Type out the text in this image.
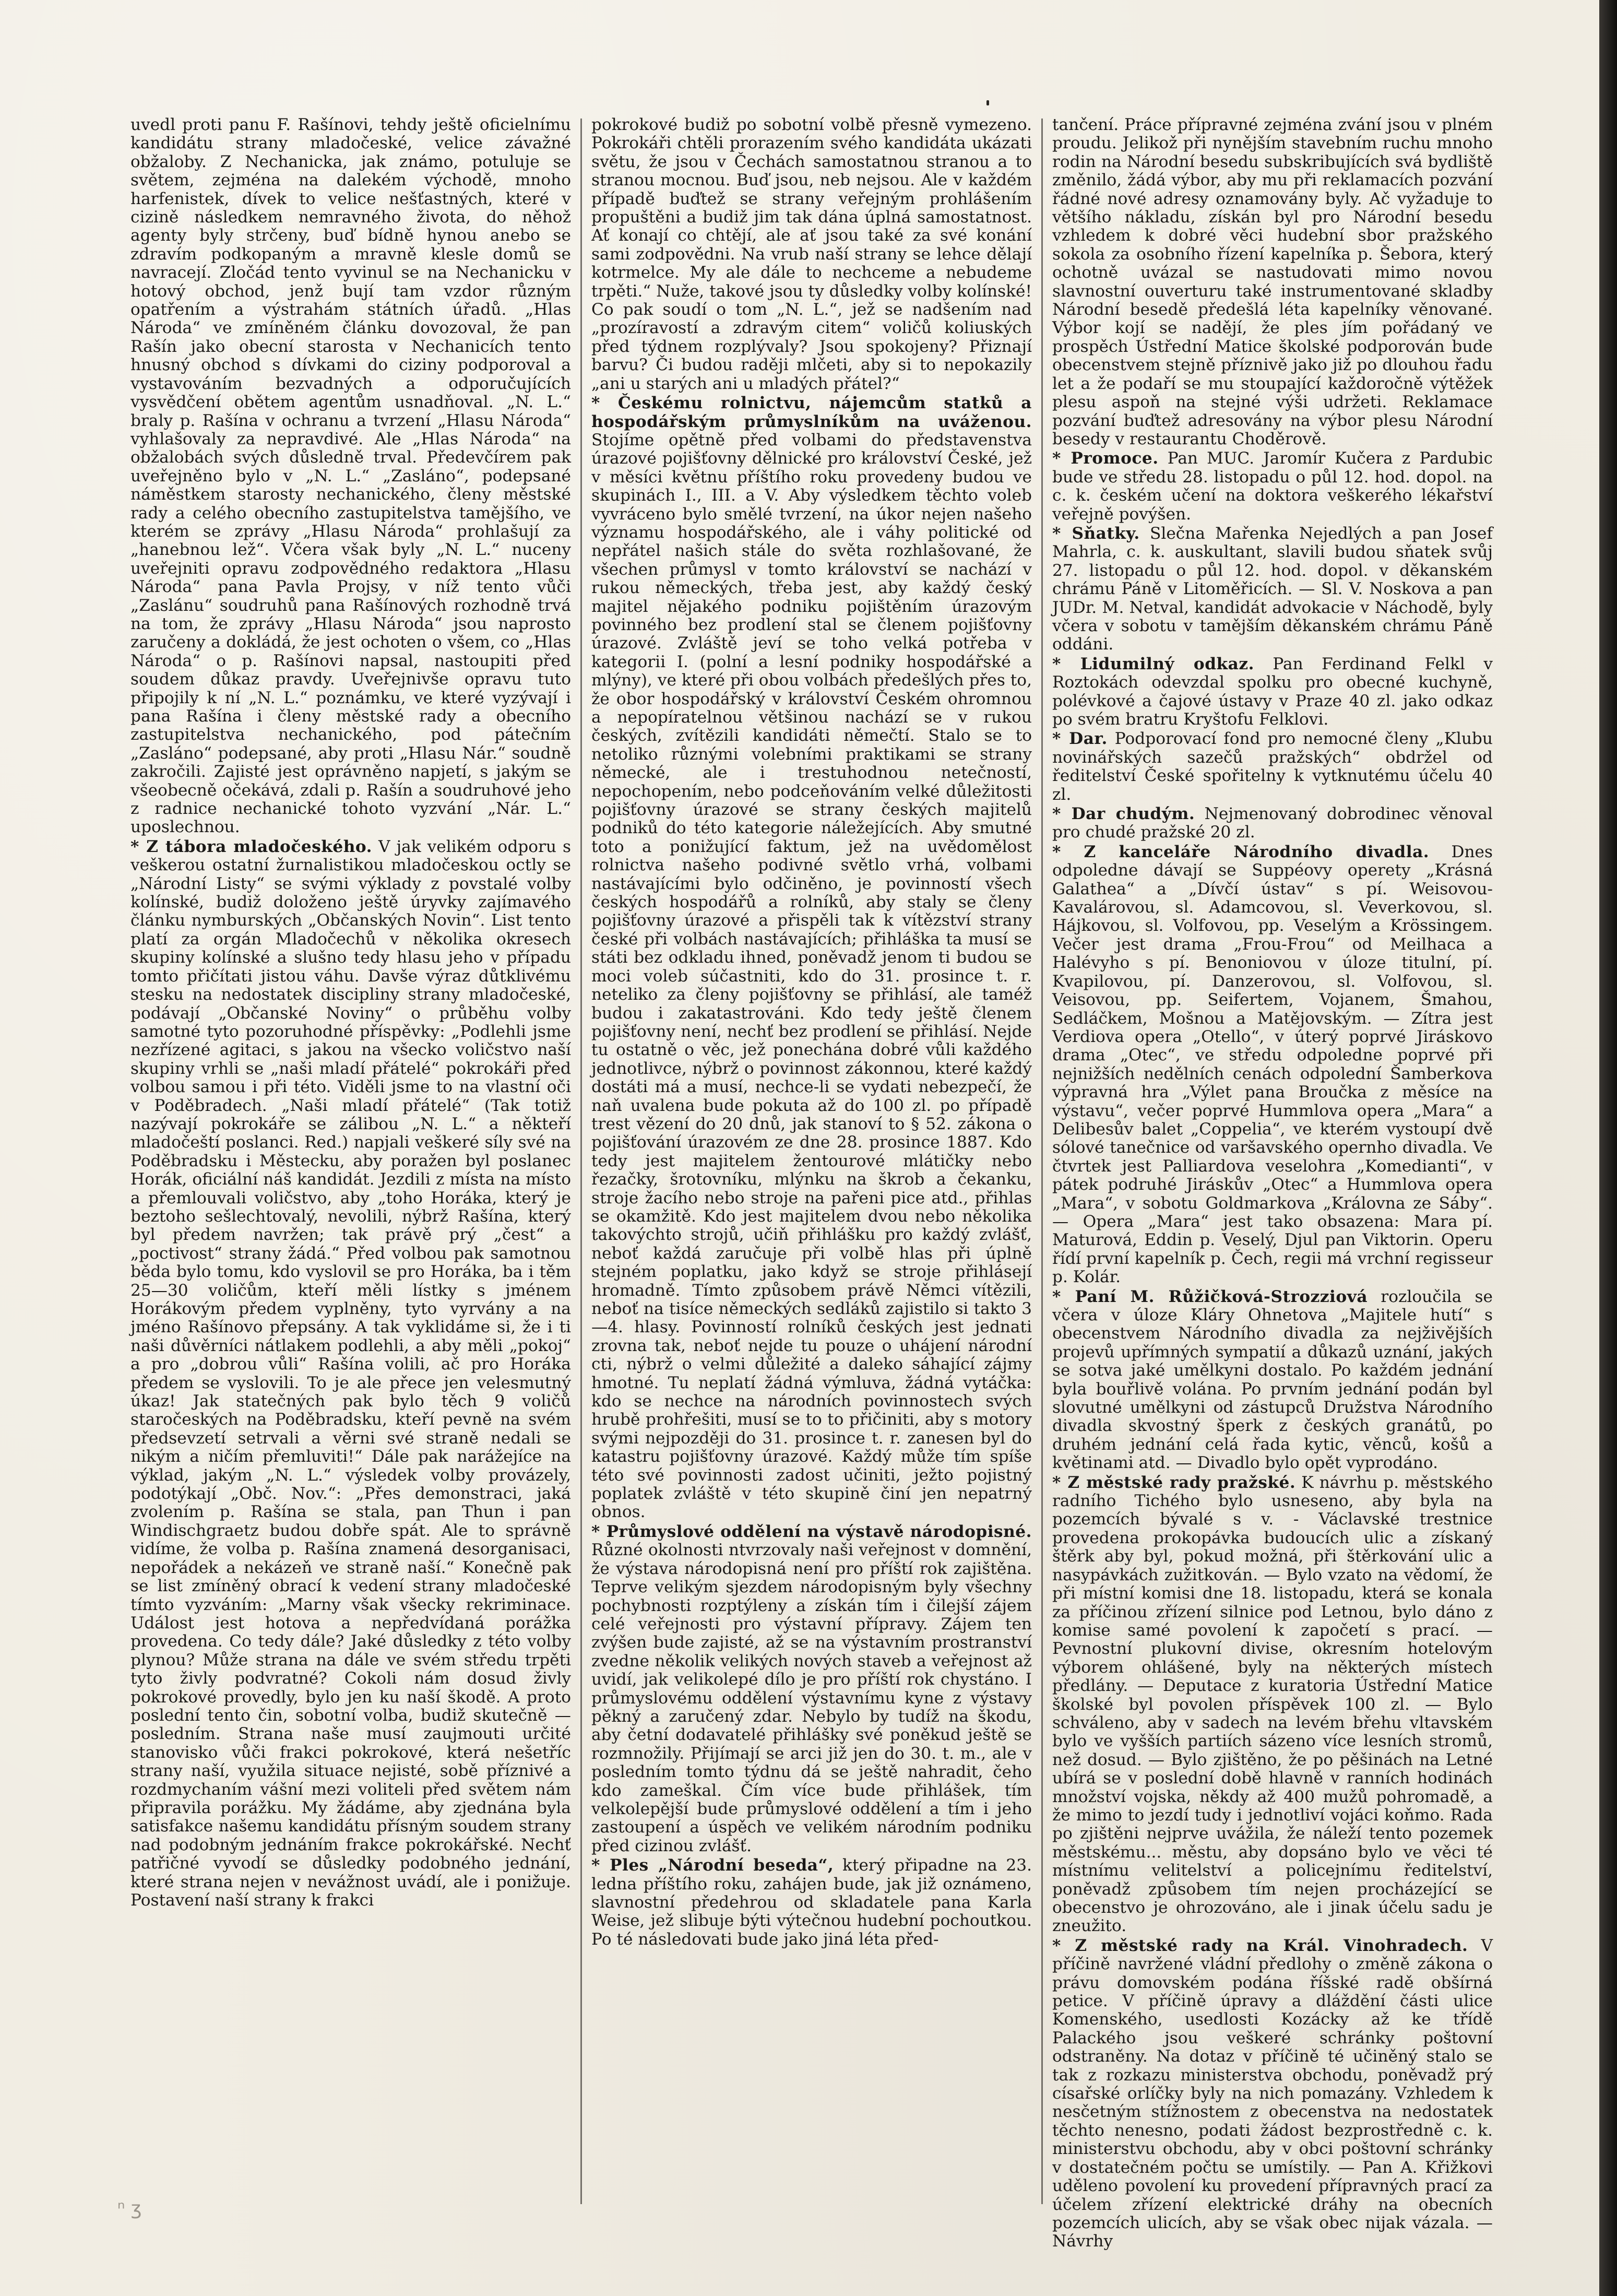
'

uvedl proti panu F. Rašínovi, tehdy ještě oficielnímu kandidátu strany mladočeské, velice závažné obžaloby. Z Nechanicka, jak známo, potuluje se světem, zejména na dalekém východě, mnoho harfenistek, dívek to velice nešťastných, které v cizině následkem nemravného života, do něhož agenty byly strčeny, buď bídně hynou anebo se zdravím podkopaným a mravně klesle domů se navracejí. Zločád tento vyvinul se na Nechanicku v hotový obchod, jenž bují tam vzdor různým opatřením a výstrahám státních úřadů. „Hlas Národa“ ve zmíněném článku dovozoval, že pan Rašín jako obecní starosta v Nechanicích tento hnusný obchod s dívkami do ciziny podporoval a vystavováním bezvadných a odporučujících vysvědčení obětem agentům usnadňoval. „N. L.“ braly p. Rašína v ochranu a tvrzení „Hlasu Národa“ vyhlašovaly za nepravdivé. Ale „Hlas Národa“ na obžalobách svých důsledně trval. Předevčírem pak uveřejněno bylo v „N. L.“ „Zasláno“, podepsané náměstkem starosty nechanického, členy městské rady a celého obecního zastupitelstva tamějšího, ve kterém se zprávy „Hlasu Národa“ prohlašují za „hanebnou lež“. Včera však byly „N. L.“ nuceny uveřejniti opravu zodpovědného redaktora „Hlasu Národa“ pana Pavla Projsy, v níž tento vůči „Zaslánu“ soudruhů pana Rašínových rozhodně trvá na tom, že zprávy „Hlasu Národa“ jsou naprosto zaručeny a dokládá, že jest ochoten o všem, co „Hlas Národa“ o p. Rašínovi napsal, nastoupiti před soudem důkaz pravdy. Uveřejnivše opravu tuto připojily k ní „N. L.“ poznámku, ve které vyzývají i pana Rašína i členy městské rady a obecního zastupitelstva nechanického, pod pátečním „Zasláno“ podepsané, aby proti „Hlasu Nár.“ soudně zakročili. Zajisté jest oprávněno napjetí, s jakým se všeobecně očekává, zdali p. Rašín a soudruhové jeho z radnice nechanické tohoto vyzvání „Nár. L.“ uposlechnou.

* Z tábora mladočeského. V jak velikém odporu s veškerou ostatní žurnalistikou mladočeskou octly se „Národní Listy“ se svými výklady z povstalé volby kolínské, budiž doloženo ještě úryvky zajímavého článku nymburských „Občanských Novin“. List tento platí za orgán Mladočechů v několika okresech skupiny kolínské a slušno tedy hlasu jeho v případu tomto přičítati jistou váhu. Davše výraz důtklivému stesku na nedostatek discipliny strany mladočeské, podávají „Občanské Noviny“ o průběhu volby samotné tyto pozoruhodné příspěvky: „Podlehli jsme nezřízené agitaci, s jakou na všecko voličstvo naší skupiny vrhli se „naši mladí přátelé“ pokrokáři před volbou samou i při této. Viděli jsme to na vlastní oči v Poděbradech. „Naši mladí přátelé“ (Tak totiž nazývají pokrokáře se zálibou „N. L.“ a někteří mladočeští poslanci. Red.) napjali veškeré síly své na Poděbradsku i Městecku, aby poražen byl poslanec Horák, oficiální náš kandidát. Jezdili z místa na místo a přemlouvali voličstvo, aby „toho Horáka, který je beztoho sešlechtovalý, nevolili, nýbrž Rašína, který byl předem navržen; tak právě prý „čest“ a „poctivost“ strany žádá.“ Před volbou pak samotnou běda bylo tomu, kdo vyslovil se pro Horáka, ba i těm 25—30 voličům, kteří měli lístky s jménem Horákovým předem vyplněny, tyto vyrvány a na jméno Rašínovo přepsány. A tak vyklidáme si, že i ti naši důvěrníci nátlakem podlehli, a aby měli „pokoj“ a pro „dobrou vůli“ Rašína volili, ač pro Horáka předem se vyslovili. To je ale přece jen velesmutný úkaz! Jak statečných pak bylo těch 9 voličů staročeských na Poděbradsku, kteří pevně na svém předsevzetí setrvali a věrni své straně nedali se nikým a ničím přemluviti!“ Dále pak narážejíce na výklad, jakým „N. L.“ výsledek volby provázely, podotýkají „Obč. Nov.“: „Přes demonstraci, jaká zvolením p. Rašína se stala, pan Thun i pan Windischgraetz budou dobře spát. Ale to správně vidíme, že volba p. Rašína znamená desorganisaci, nepořádek a nekázeň ve straně naší.“ Konečně pak se list zmíněný obrací k vedení strany mladočeské tímto vyzváním: „Marny však všecky rekriminace. Událost jest hotova a nepředvídaná porážka provedena. Co tedy dále? Jaké důsledky z této volby plynou? Může strana na dále ve svém středu trpěti tyto živly podvratné? Cokoli nám dosud živly pokrokové provedly, bylo jen ku naší škodě. A proto poslední tento čin, sobotní volba, budiž skutečně — posledním. Strana naše musí zaujmouti určité stanovisko vůči frakci pokrokové, která nešetříc strany naší, využila situace nejisté, sobě příznivé a rozdmychaním vášní mezi voliteli před světem nám připravila porážku. My žádáme, aby zjednána byla satisfakce našemu kandidátu přísným soudem strany nad podobným jednáním frakce pokrokářské. Nechť patřičné vyvodí se důsledky podobného jednání, které strana nejen v nevážnost uvádí, ale i ponižuje. Postavení naší strany k frakci

pokrokové budiž po sobotní volbě přesně vymezeno. Pokrokáři chtěli prorazením svého kandidáta ukázati světu, že jsou v Čechách samostatnou stranou a to stranou mocnou. Buď jsou, neb nejsou. Ale v každém případě buďtež se strany veřejným prohlášením propuštěni a budiž jim tak dána úplná samostatnost. Ať konají co chtějí, ale ať jsou také za své konání sami zodpovědni. Na vrub naší strany se lehce dělají kotrmelce. My ale dále to nechceme a nebudeme trpěti.“ Nuže, takové jsou ty důsledky volby kolínské! Co pak soudí o tom „N. L.“, jež se nadšením nad „prozíravostí a zdravým citem“ voličů koliuských před týdnem rozplývaly? Jsou spokojeny? Přiznají barvu? Či budou raději mlčeti, aby si to nepokazily „ani u starých ani u mladých přátel?“

* Českému rolnictvu, nájemcům statků a hospodářským průmyslníkům na uváženou. Stojíme opětně před volbami do představenstva úrazové pojišťovny dělnické pro království České, jež v měsíci květnu příštího roku provedeny budou ve skupinách I., III. a V. Aby výsledkem těchto voleb vyvráceno bylo smělé tvrzení, na úkor nejen našeho významu hospodářského, ale i váhy politické od nepřátel našich stále do světa rozhlašované, že všechen průmysl v tomto království se nachází v rukou německých, třeba jest, aby každý český majitel nějakého podniku pojištěním úrazovým povinného bez prodlení stal se členem pojišťovny úrazové. Zvláště jeví se toho velká potřeba v kategorii I. (polní a lesní podniky hospodářské a mlýny), ve které při obou volbách předešlých přes to, že obor hospodářský v království Českém ohromnou a nepopíratelnou většinou nachází se v rukou českých, zvítězili kandidáti němečtí. Stalo se to netoliko různými volebními praktikami se strany německé, ale i trestuhodnou netečností, nepochopením, nebo podceňováním velké důležitosti pojišťovny úrazové se strany českých majitelů podniků do této kategorie náležejících. Aby smutné toto a ponižující faktum, jež na uvědomělost rolnictva našeho podivné světlo vrhá, volbami nastávajícími bylo odčiněno, je povinností všech českých hospodářů a rolníků, aby staly se členy pojišťovny úrazové a přispěli tak k vítězství strany české při volbách nastávajících; přihláška ta musí se státi bez odkladu ihned, poněvadž jenom ti budou se moci voleb súčastniti, kdo do 31. prosince t. r. neteliko za členy pojišťovny se přihlásí, ale taméž budou i zakatastrováni. Kdo tedy ještě členem pojišťovny není, nechť bez prodlení se přihlásí. Nejde tu ostatně o věc, jež ponechána dobré vůli každého jednotlivce, nýbrž o povinnost zákonnou, které každý dostáti má a musí, nechce-li se vydati nebezpečí, že naň uvalena bude pokuta až do 100 zl. po případě trest vězení do 20 dnů, jak stanoví to § 52. zákona o pojišťování úrazovém ze dne 28. prosince 1887. Kdo tedy jest majitelem žentourové mlátičky nebo řezačky, šrotovníku, mlýnku na škrob a čekanku, stroje žacího nebo stroje na pařeni pice atd., přihlas se okamžitě. Kdo jest majitelem dvou nebo několika takovýchto strojů, učiň přihlášku pro každý zvlášť, neboť každá zaručuje při volbě hlas při úplně stejném poplatku, jako když se stroje přihlásejí hromadně. Tímto způsobem právě Němci vítězili, neboť na tisíce německých sedláků zajistilo si takto 3—4. hlasy. Povinností rolníků českých jest jednati zrovna tak, neboť nejde tu pouze o uhájení národní cti, nýbrž o velmi důležité a daleko sáhající zájmy hmotné. Tu neplatí žádná výmluva, žádná vytáčka: kdo se nechce na národních povinnostech svých hrubě prohřešiti, musí se to to přičiniti, aby s motory svými nejpozději do 31. prosince t. r. zanesen byl do katastru pojišťovny úrazové. Každý může tím spíše této své povinnosti zadost učiniti, ježto pojistný poplatek zvláště v této skupině činí jen nepatrný obnos.

* Průmyslové oddělení na výstavě národopisné. Různé okolnosti ntvrzovaly naši veřejnost v domnění, že výstava národopisná není pro příští rok zajištěna. Teprve velikým sjezdem národopisným byly všechny pochybnosti rozptýleny a získán tím i čilejší zájem celé veřejnosti pro výstavní přípravy. Zájem ten zvýšen bude zajisté, až se na výstavním prostranství zvedne několik velikých nových staveb a veřejnost až uvidí, jak velikolepé dílo je pro příští rok chystáno. I průmyslovému oddělení výstavnímu kyne z výstavy pěkný a zaručený zdar. Nebylo by tudíž na škodu, aby četní dodavatelé přihlášky své poněkud ještě se rozmnožily. Přijímají se arci již jen do 30. t. m., ale v posledním tomto týdnu dá se ještě nahradit, čeho kdo zameškal. Čím více bude přihlášek, tím velkolepější bude průmyslové oddělení a tím i jeho zastoupení a úspěch ve velikém národním podniku před cizinou zvlášť.

* Ples „Národní beseda“, který připadne na 23. ledna příštího roku, zahájen bude, jak již oznámeno, slavnostní předehrou od skladatele pana Karla Weise, jež slibuje býti výtečnou hudební pochoutkou. Po té následovati bude jako jiná léta před-

tančení. Práce přípravné zejména zvání jsou v plném proudu. Jelikož při nynějším stavebním ruchu mnoho rodin na Národní besedu subskribujících svá bydliště změnilo, žádá výbor, aby mu při reklamacích pozvání řádné nové adresy oznamovány byly. Ač vyžaduje to většího nákladu, získán byl pro Národní besedu vzhledem k dobré věci hudební sbor pražského sokola za osobního řízení kapelníka p. Šebora, který ochotně uvázal se nastudovati mimo novou slavnostní ouverturu také instrumentované skladby Národní besedě předešlá léta kapelníky věnované. Výbor kojí se nadějí, že ples jím pořádaný ve prospěch Ústřední Matice školské podporován bude obecenstvem stejně příznivě jako již po dlouhou řadu let a že podaří se mu stoupající každoročně výtěžek plesu aspoň na stejné výši udržeti. Reklamace pozvání buďtež adresovány na výbor plesu Národní besedy v restaurantu Choděrově.

* Promoce. Pan MUC. Jaromír Kučera z Pardubic bude ve středu 28. listopadu o půl 12. hod. dopol. na c. k. českém učení na doktora veškerého lékařství veřejně povýšen.

* Sňatky. Slečna Mařenka Nejedlých a pan Josef Mahrla, c. k. auskultant, slavili budou sňatek svůj 27. listopadu o půl 12. hod. dopol. v děkanském chrámu Páně v Litoměřicích. — Sl. V. Noskova a pan JUDr. M. Netval, kandidát advokacie v Náchodě, byly včera v sobotu v tamějším děkanském chrámu Páně oddáni.

* Lidumilný odkaz. Pan Ferdinand Felkl v Roztokách odevzdal spolku pro obecné kuchyně, polévkové a čajové ústavy v Praze 40 zl. jako odkaz po svém bratru Kryštofu Felklovi.

* Dar. Podporovací fond pro nemocné členy „Klubu novinářských sazečů pražských“ obdržel od ředitelství České spořitelny k vytknutému účelu 40 zl.

* Dar chudým. Nejmenovaný dobrodinec věnoval pro chudé pražské 20 zl.

* Z kanceláře Národního divadla. Dnes odpoledne dávají se Suppéovy operety „Krásná Galathea“ a „Dívčí ústav“ s pí. Weisovou-Kavalárovou, sl. Adamcovou, sl. Veverkovou, sl. Hájkovou, sl. Volfovou, pp. Veselým a Krössingem. Večer jest drama „Frou-Frou“ od Meilhaca a Halévyho s pí. Benoniovou v úloze titulní, pí. Kvapilovou, pí. Danzerovou, sl. Volfovou, sl. Veisovou, pp. Seifertem, Vojanem, Šmahou, Sedláčkem, Mošnou a Matějovským. — Zítra jest Verdiova opera „Otello“, v úterý poprvé Jiráskovo drama „Otec“, ve středu odpoledne poprvé při nejnižších nedělních cenách odpolední Šamberkova výpravná hra „Výlet pana Broučka z měsíce na výstavu“, večer poprvé Hummlova opera „Mara“ a Delibesův balet „Coppelia“, ve kterém vystoupí dvě sólové tanečnice od varšavského opernho divadla. Ve čtvrtek jest Palliardova veselohra „Komedianti“, v pátek podruhé Jiráskův „Otec“ a Hummlova opera „Mara“, v sobotu Goldmarkova „Královna ze Sáby“. — Opera „Mara“ jest tako obsazena: Mara pí. Maturová, Eddin p. Veselý, Djul pan Viktorin. Operu řídí první kapelník p. Čech, regii má vrchní regisseur p. Kolár.

* Paní M. Růžičková-Strozziová rozloučila se včera v úloze Kláry Ohnetova „Majitele hutí“ s obecenstvem Národního divadla za nejživějších projevů upřímných sympatií a důkazů uznání, jakých se sotva jaké umělkyni dostalo. Po každém jednání byla bouřlivě volána. Po prvním jednání podán byl slovutné umělkyni od zástupců Družstva Národního divadla skvostný šperk z českých granátů, po druhém jednání celá řada kytic, věnců, košů a květinami atd. — Divadlo bylo opět vyprodáno.

* Z městské rady pražské. K návrhu p. městského radního Tichého bylo usneseno, aby byla na pozemcích bývalé s v. - Václavské trestnice provedena prokopávka budoucích ulic a získaný štěrk aby byl, pokud možná, při štěrkování ulic a nasypávkách zužitkován. — Bylo vzato na vědomí, že při místní komisi dne 18. listopadu, která se konala za příčinou zřízení silnice pod Letnou, bylo dáno z komise samé povolení k započetí s prací. — Pevnostní plukovní divise, okresním hotelovým výborem ohlášené, byly na některých místech předlány. — Deputace z kuratoria Ústřední Matice školské byl povolen příspěvek 100 zl. — Bylo schváleno, aby v sadech na levém břehu vltavském bylo ve vyšších partiích sázeno více lesních stromů, než dosud. — Bylo zjištěno, že po pěšinách na Letné ubírá se v poslední době hlavně v ranních hodinách množství vojska, někdy až 400 mužů pohromadě, a že mimo to jezdí tudy i jednotliví vojáci koňmo. Rada po zjištěni nejprve uvážila, že náleží tento pozemek městskému... městu, aby dopsáno bylo ve věci té místnímu velitelství a policejnímu ředitelství, poněvadž způsobem tím nejen procházející se obecenstvo je ohrozováno, ale i jinak účelu sadu je zneužito.

* Z městské rady na Král. Vinohradech. V příčině navržené vládní předlohy o změně zákona o právu domovském podána říšské radě obšírná petice. V příčině úpravy a dláždění části ulice Komenského, usedlosti Kozácky až ke třídě Palackého jsou veškeré schránky poštovní odstraněny. Na dotaz v příčině té učiněný stalo se tak z rozkazu ministerstva obchodu, poněvadž prý císařské orlíčky byly na nich pomazány. Vzhledem k nesčetným stížnostem z obecenstva na nedostatek těchto nenesno, podati žádost bezprostředně c. k. ministerstvu obchodu, aby v obci poštovní schránky v dostatečném počtu se umístily. — Pan A. Křižkovi uděleno povolení ku provedení přípravných prací za účelem zřízení elektrické dráhy na obecních pozemcích ulicích, aby se však obec nijak vázala. — Návrhy

ⁿ ʒ
